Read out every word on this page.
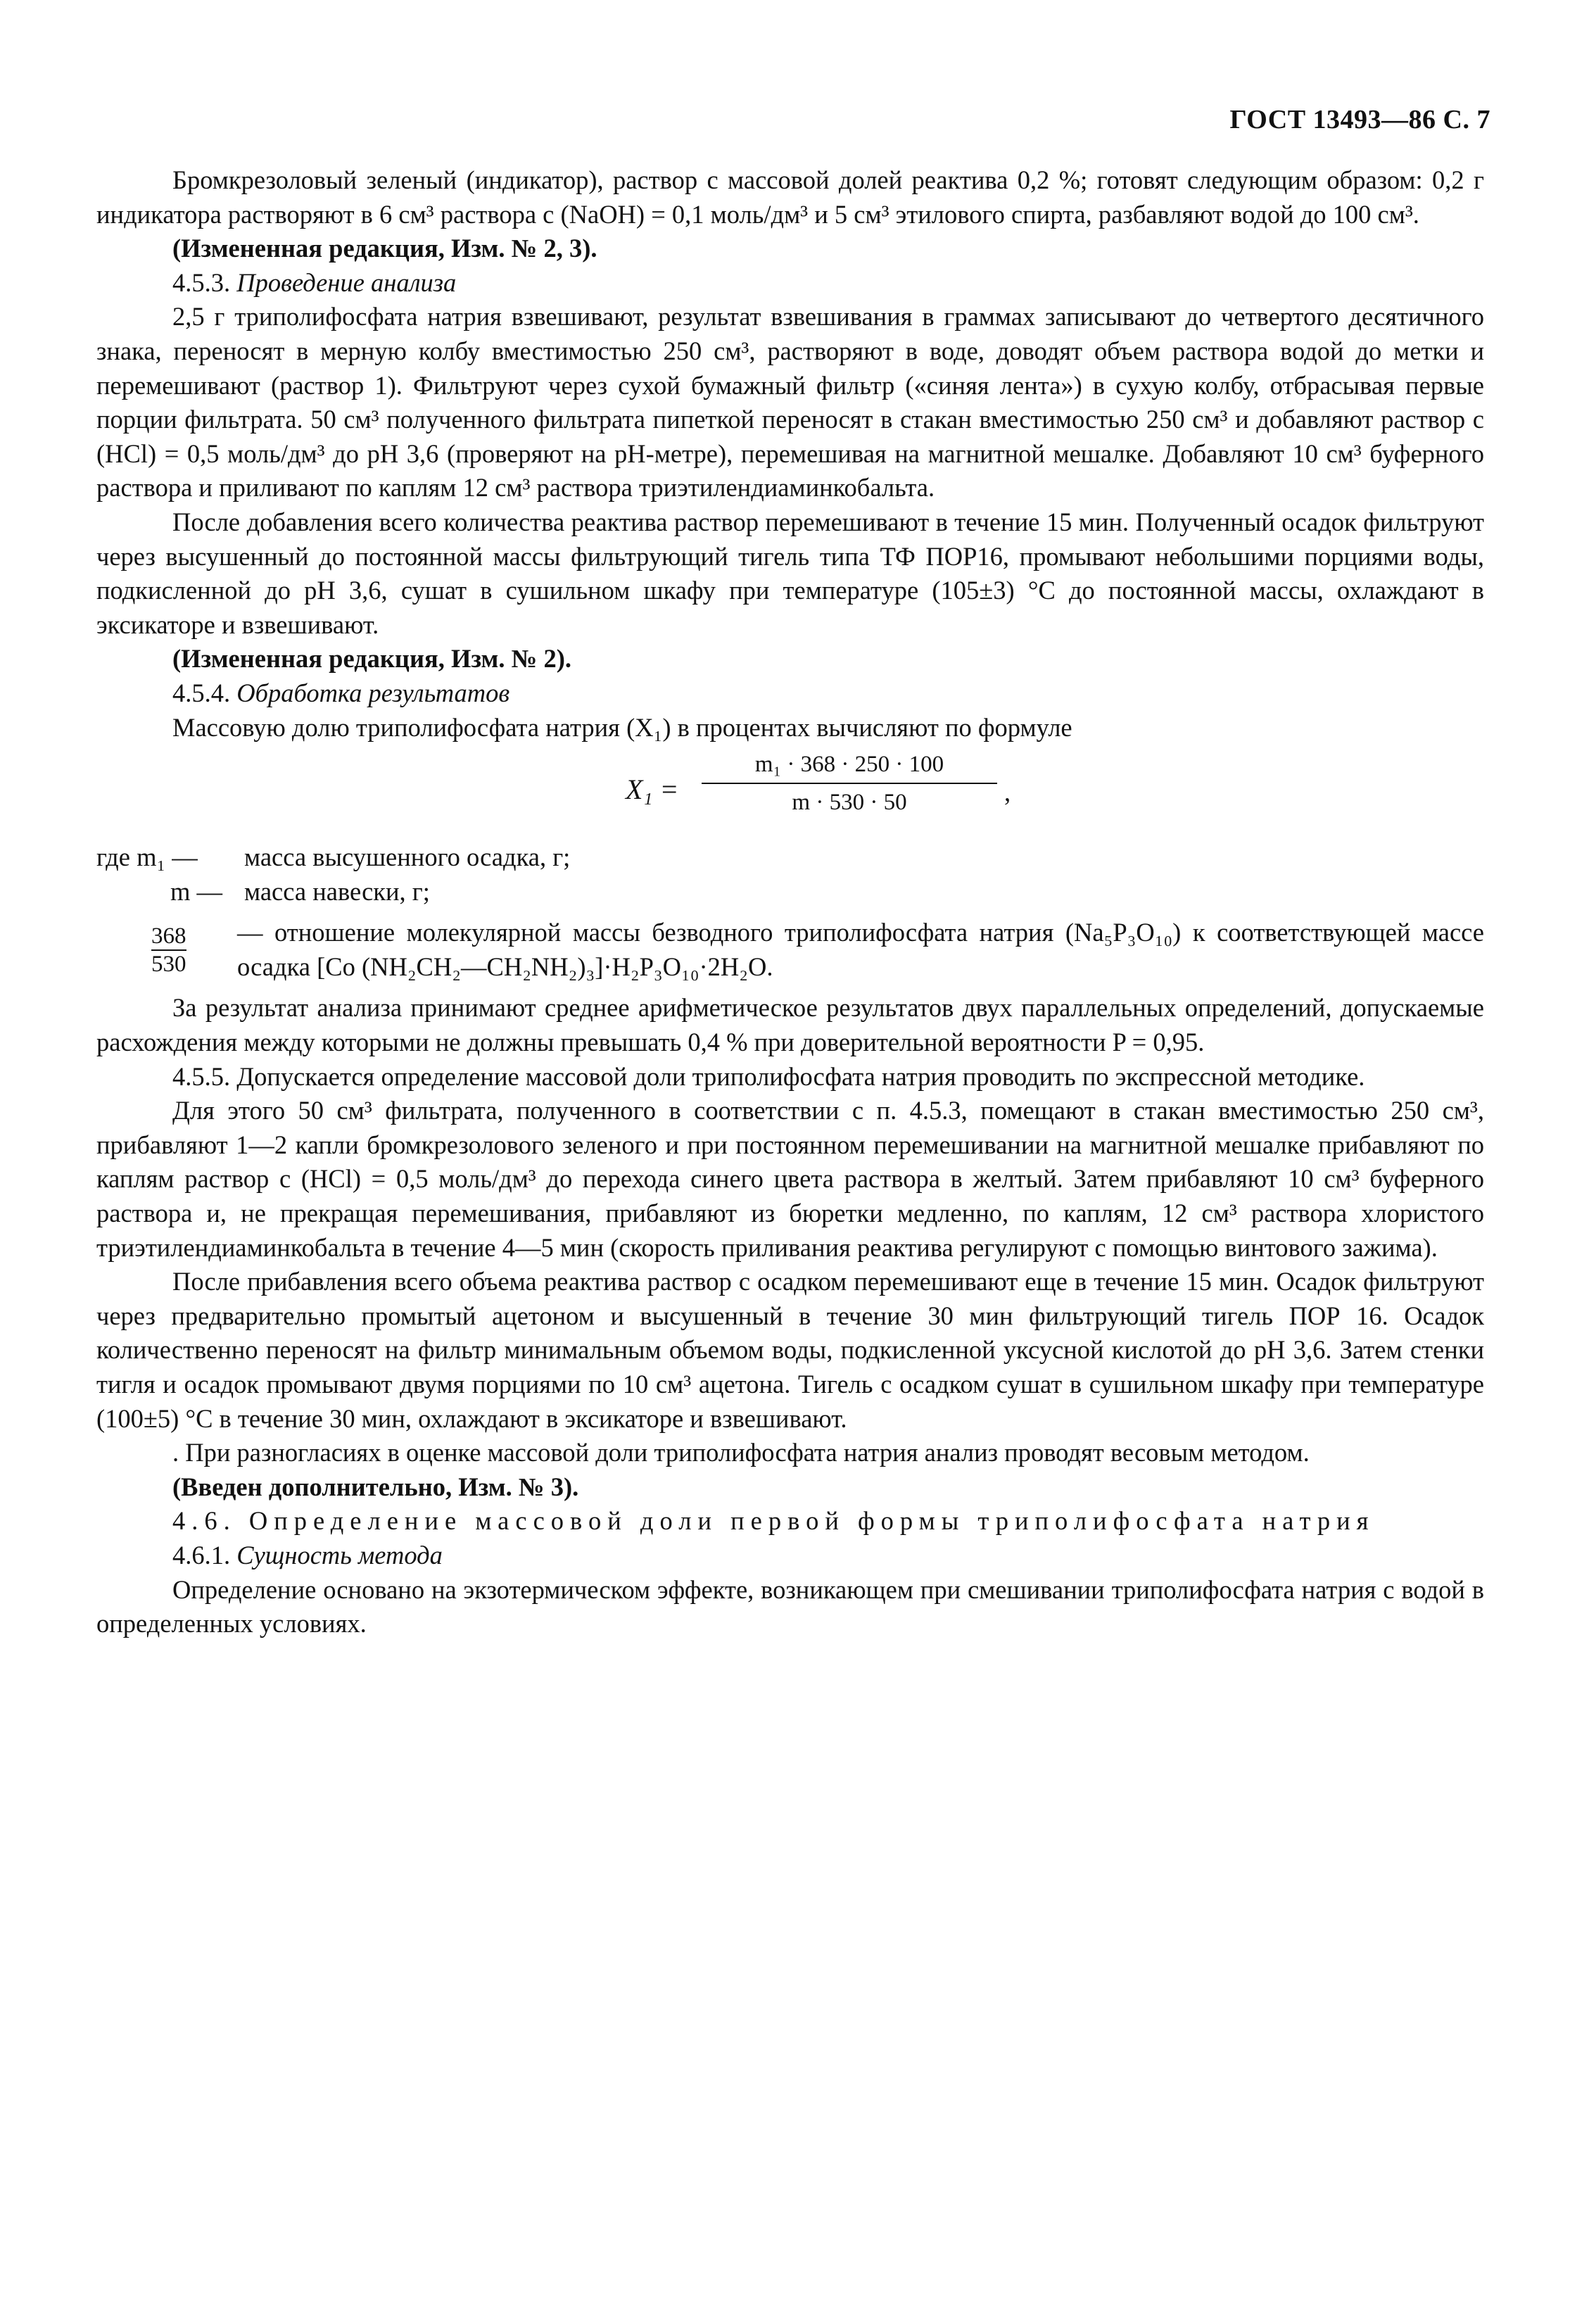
ГОСТ 13493—86 С. 7

Бромкрезоловый зеленый (индикатор), раствор с массовой долей реактива 0,2 %; готовят следующим образом: 0,2 г индикатора растворяют в 6 см³ раствора с (NaOH) = 0,1 моль/дм³ и 5 см³ этилового спирта, разбавляют водой до 100 см³.

(Измененная редакция, Изм. № 2, 3).

4.5.3. Проведение анализа

2,5 г триполифосфата натрия взвешивают, результат взвешивания в граммах записывают до четвертого десятичного знака, переносят в мерную колбу вместимостью 250 см³, растворяют в воде, доводят объем раствора водой до метки и перемешивают (раствор 1). Фильтруют через сухой бумажный фильтр («синяя лента») в сухую колбу, отбрасывая первые порции фильтрата. 50 см³ полученного фильтрата пипеткой переносят в стакан вместимостью 250 см³ и добавляют раствор с (HCl) = 0,5 моль/дм³ до pH 3,6 (проверяют на pH-метре), перемешивая на магнитной мешалке. Добавляют 10 см³ буферного раствора и приливают по каплям 12 см³ раствора триэтилендиаминкобальта.

После добавления всего количества реактива раствор перемешивают в течение 15 мин. Полученный осадок фильтруют через высушенный до постоянной массы фильтрующий тигель типа ТФ ПОР16, промывают небольшими порциями воды, подкисленной до pH 3,6, сушат в сушильном шкафу при температуре (105±3) °С до постоянной массы, охлаждают в эксикаторе и взвешивают.

(Измененная редакция, Изм. № 2).

4.5.4. Обработка результатов

Массовую долю триполифосфата натрия (X₁) в процентах вычисляют по формуле

X₁ =
m₁ · 368 · 250 · 100
m · 530 · 50	,
где m₁ — масса высушенного осадка, г;
m — масса навески, г;
$\frac{368}{530}$ — отношение молекулярной массы безводного триполифосфата натрия (Na₅P₃O₁₀) к соответствующей массе осадка [Co (NH₂CH₂—CH₂NH₂)₃]·H₂P₃O₁₀·2H₂O.

За результат анализа принимают среднее арифметическое результатов двух параллельных определений, допускаемые расхождения между которыми не должны превышать 0,4 % при доверительной вероятности P = 0,95.

4.5.5. Допускается определение массовой доли триполифосфата натрия проводить по экспрессной методике.

Для этого 50 см³ фильтрата, полученного в соответствии с п. 4.5.3, помещают в стакан вместимостью 250 см³, прибавляют 1—2 капли бромкрезолового зеленого и при постоянном перемешивании на магнитной мешалке прибавляют по каплям раствор с (HCl) = 0,5 моль/дм³ до перехода синего цвета раствора в желтый. Затем прибавляют 10 см³ буферного раствора и, не прекращая перемешивания, прибавляют из бюретки медленно, по каплям, 12 см³ раствора хлористого триэтилендиаминкобальта в течение 4—5 мин (скорость приливания реактива регулируют с помощью винтового зажима).

После прибавления всего объема реактива раствор с осадком перемешивают еще в течение 15 мин. Осадок фильтруют через предварительно промытый ацетоном и высушенный в течение 30 мин фильтрующий тигель ПОР 16. Осадок количественно переносят на фильтр минимальным объемом воды, подкисленной уксусной кислотой до pH 3,6. Затем стенки тигля и осадок промывают двумя порциями по 10 см³ ацетона. Тигель с осадком сушат в сушильном шкафу при температуре (100±5) °С в течение 30 мин, охлаждают в эксикаторе и взвешивают.

. При разногласиях в оценке массовой доли триполифосфата натрия анализ проводят весовым методом.

(Введен дополнительно, Изм. № 3).

4.6. Определение массовой доли первой формы триполифосфата натрия

4.6.1. Сущность метода

Определение основано на экзотермическом эффекте, возникающем при смешивании триполифосфата натрия с водой в определенных условиях.
